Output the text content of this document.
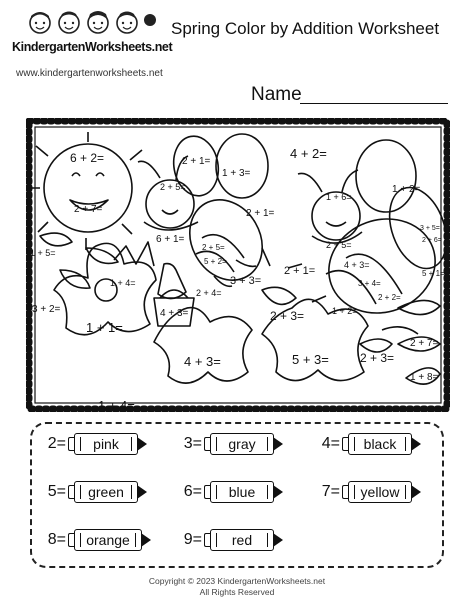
KindergartenWorksheets.net
www.kindergartenworksheets.net
Spring Color by Addition Worksheet
Name
6 + 2=
2 + 7=
1 + 5=
3 + 2=
1 + 4=
1 + 1=
1 + 4=
2 + 1=
2 + 5=
1 + 3=
2 + 1=
6 + 1=
2 + 5=
5 + 2=
2 + 4=
3 + 3=
4 + 3=	2 + 3=
4 + 3=	5 + 3=	2 + 3=
4 + 2=
1 + 6=
1 + 2=
2 + 5=
3 + 5=
2 + 6=
2 + 1=	4 + 3=
3 + 4=
2 + 2=
5 + 1=
1 + 2=
2 + 7=
1 + 8=
2=	pink	3=	gray	4=	black
5=	green	6=	blue	7=	yellow
8=	orange	9=	red
Copyright © 2023 KindergartenWorksheets.net
All Rights Reserved
